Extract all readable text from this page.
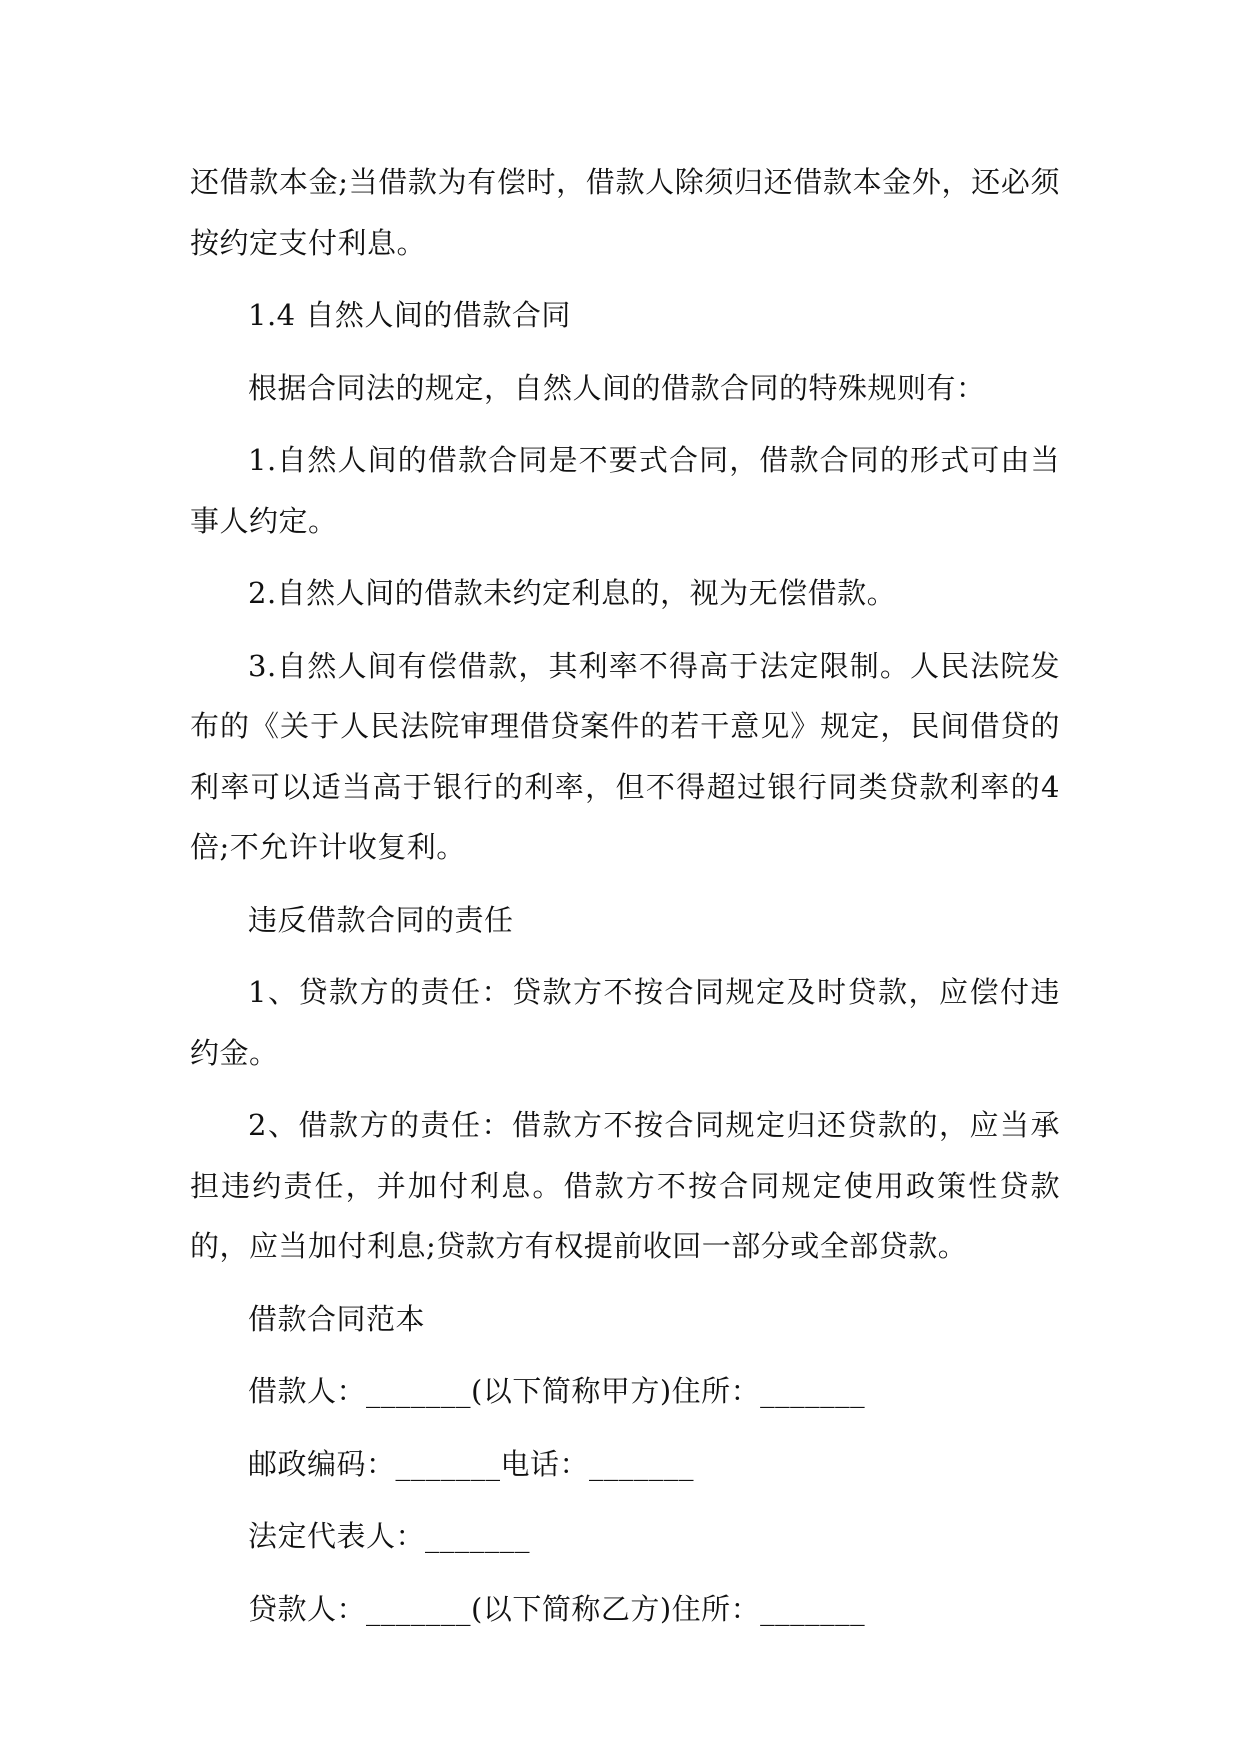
还借款本金;当借款为有偿时，借款人除须归还借款本金外，还必须按约定支付利息。

1.4 自然人间的借款合同

根据合同法的规定，自然人间的借款合同的特殊规则有：

1.自然人间的借款合同是不要式合同，借款合同的形式可由当事人约定。

2.自然人间的借款未约定利息的，视为无偿借款。

3.自然人间有偿借款，其利率不得高于法定限制。人民法院发布的《关于人民法院审理借贷案件的若干意见》规定，民间借贷的利率可以适当高于银行的利率，但不得超过银行同类贷款利率的4倍;不允许计收复利。

违反借款合同的责任

1、贷款方的责任：贷款方不按合同规定及时贷款，应偿付违约金。

2、借款方的责任：借款方不按合同规定归还贷款的，应当承担违约责任，并加付利息。借款方不按合同规定使用政策性贷款的，应当加付利息;贷款方有权提前收回一部分或全部贷款。

借款合同范本

借款人：_______(以下简称甲方)住所：_______

邮政编码：_______电话：_______

法定代表人：_______

贷款人：_______(以下简称乙方)住所：_______
